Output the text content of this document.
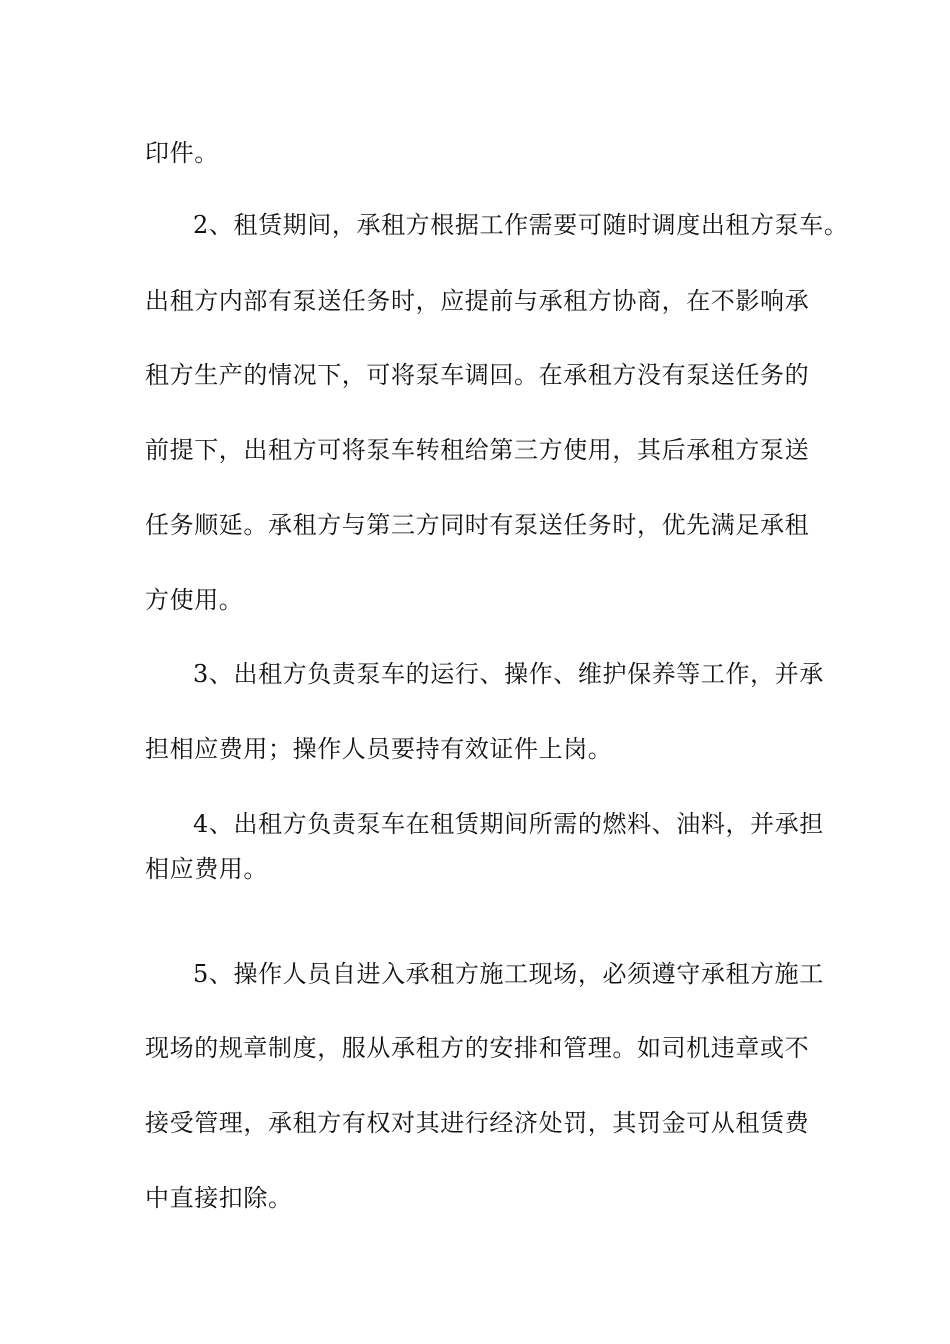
印件。
2、租赁期间，承租方根据工作需要可随时调度出租方泵车。
出租方内部有泵送任务时，应提前与承租方协商，在不影响承
租方生产的情况下，可将泵车调回。在承租方没有泵送任务的
前提下，出租方可将泵车转租给第三方使用，其后承租方泵送
任务顺延。承租方与第三方同时有泵送任务时，优先满足承租
方使用。
3、出租方负责泵车的运行、操作、维护保养等工作，并承
担相应费用；操作人员要持有效证件上岗。
4、出租方负责泵车在租赁期间所需的燃料、油料，并承担
相应费用。
5、操作人员自进入承租方施工现场，必须遵守承租方施工
现场的规章制度，服从承租方的安排和管理。如司机违章或不
接受管理，承租方有权对其进行经济处罚，其罚金可从租赁费
中直接扣除。
